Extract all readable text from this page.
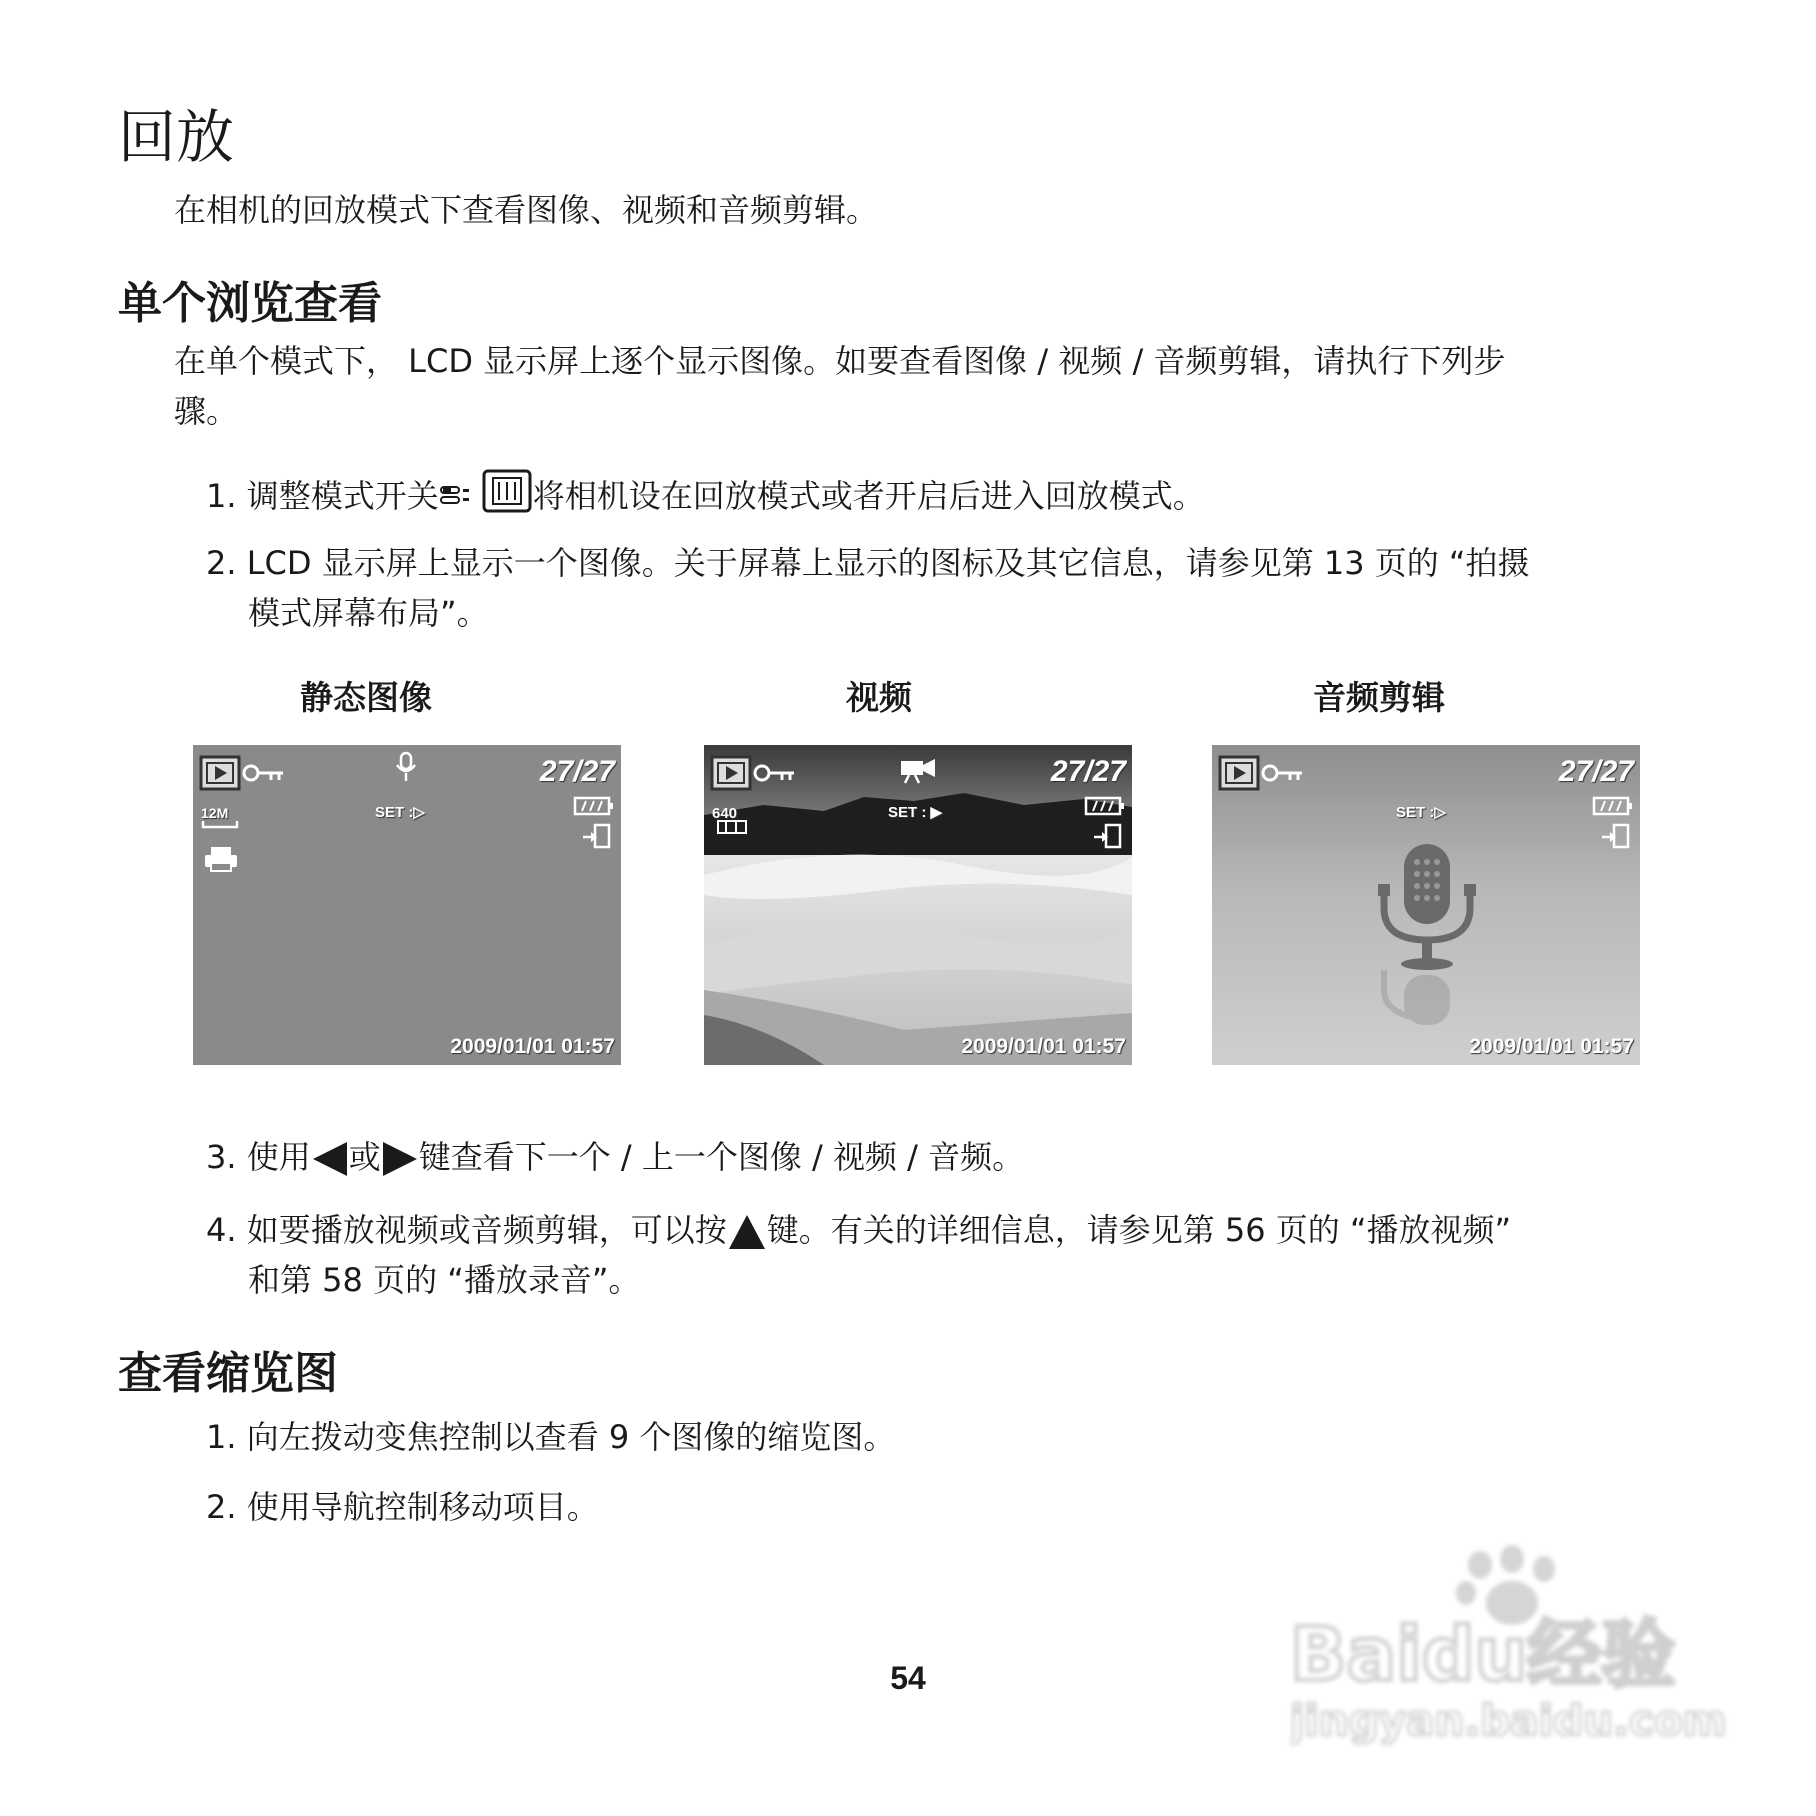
回放
在相机的回放模式下查看图像、视频和音频剪辑。
单个浏览查看
在单个模式下， LCD 显示屏上逐个显示图像。如要查看图像 / 视频 / 音频剪辑，请执行下列步
骤。
1. 调整模式开关	将相机设在回放模式或者开启后进入回放模式。
2. LCD 显示屏上显示一个图像。关于屏幕上显示的图标及其它信息，请参见第 13 页的 “拍摄
模式屏幕布局”。
静态图像	视频	音频剪辑
27/27
SET :▷
12M
2009/01/01 01:57
27/27
SET : ▶
640
2009/01/01 01:57
27/27
SET :▷
2009/01/01 01:57
3. 使用 或 键查看下一个 / 上一个图像 / 视频 / 音频。
4. 如要播放视频或音频剪辑，可以按 键。有关的详细信息，请参见第 56 页的 “播放视频”
和第 58 页的 “播放录音”。
查看缩览图
1. 向左拨动变焦控制以查看 9 个图像的缩览图。
2. 使用导航控制移动项目。
54	Baidu经验
jingyan.baidu.com
